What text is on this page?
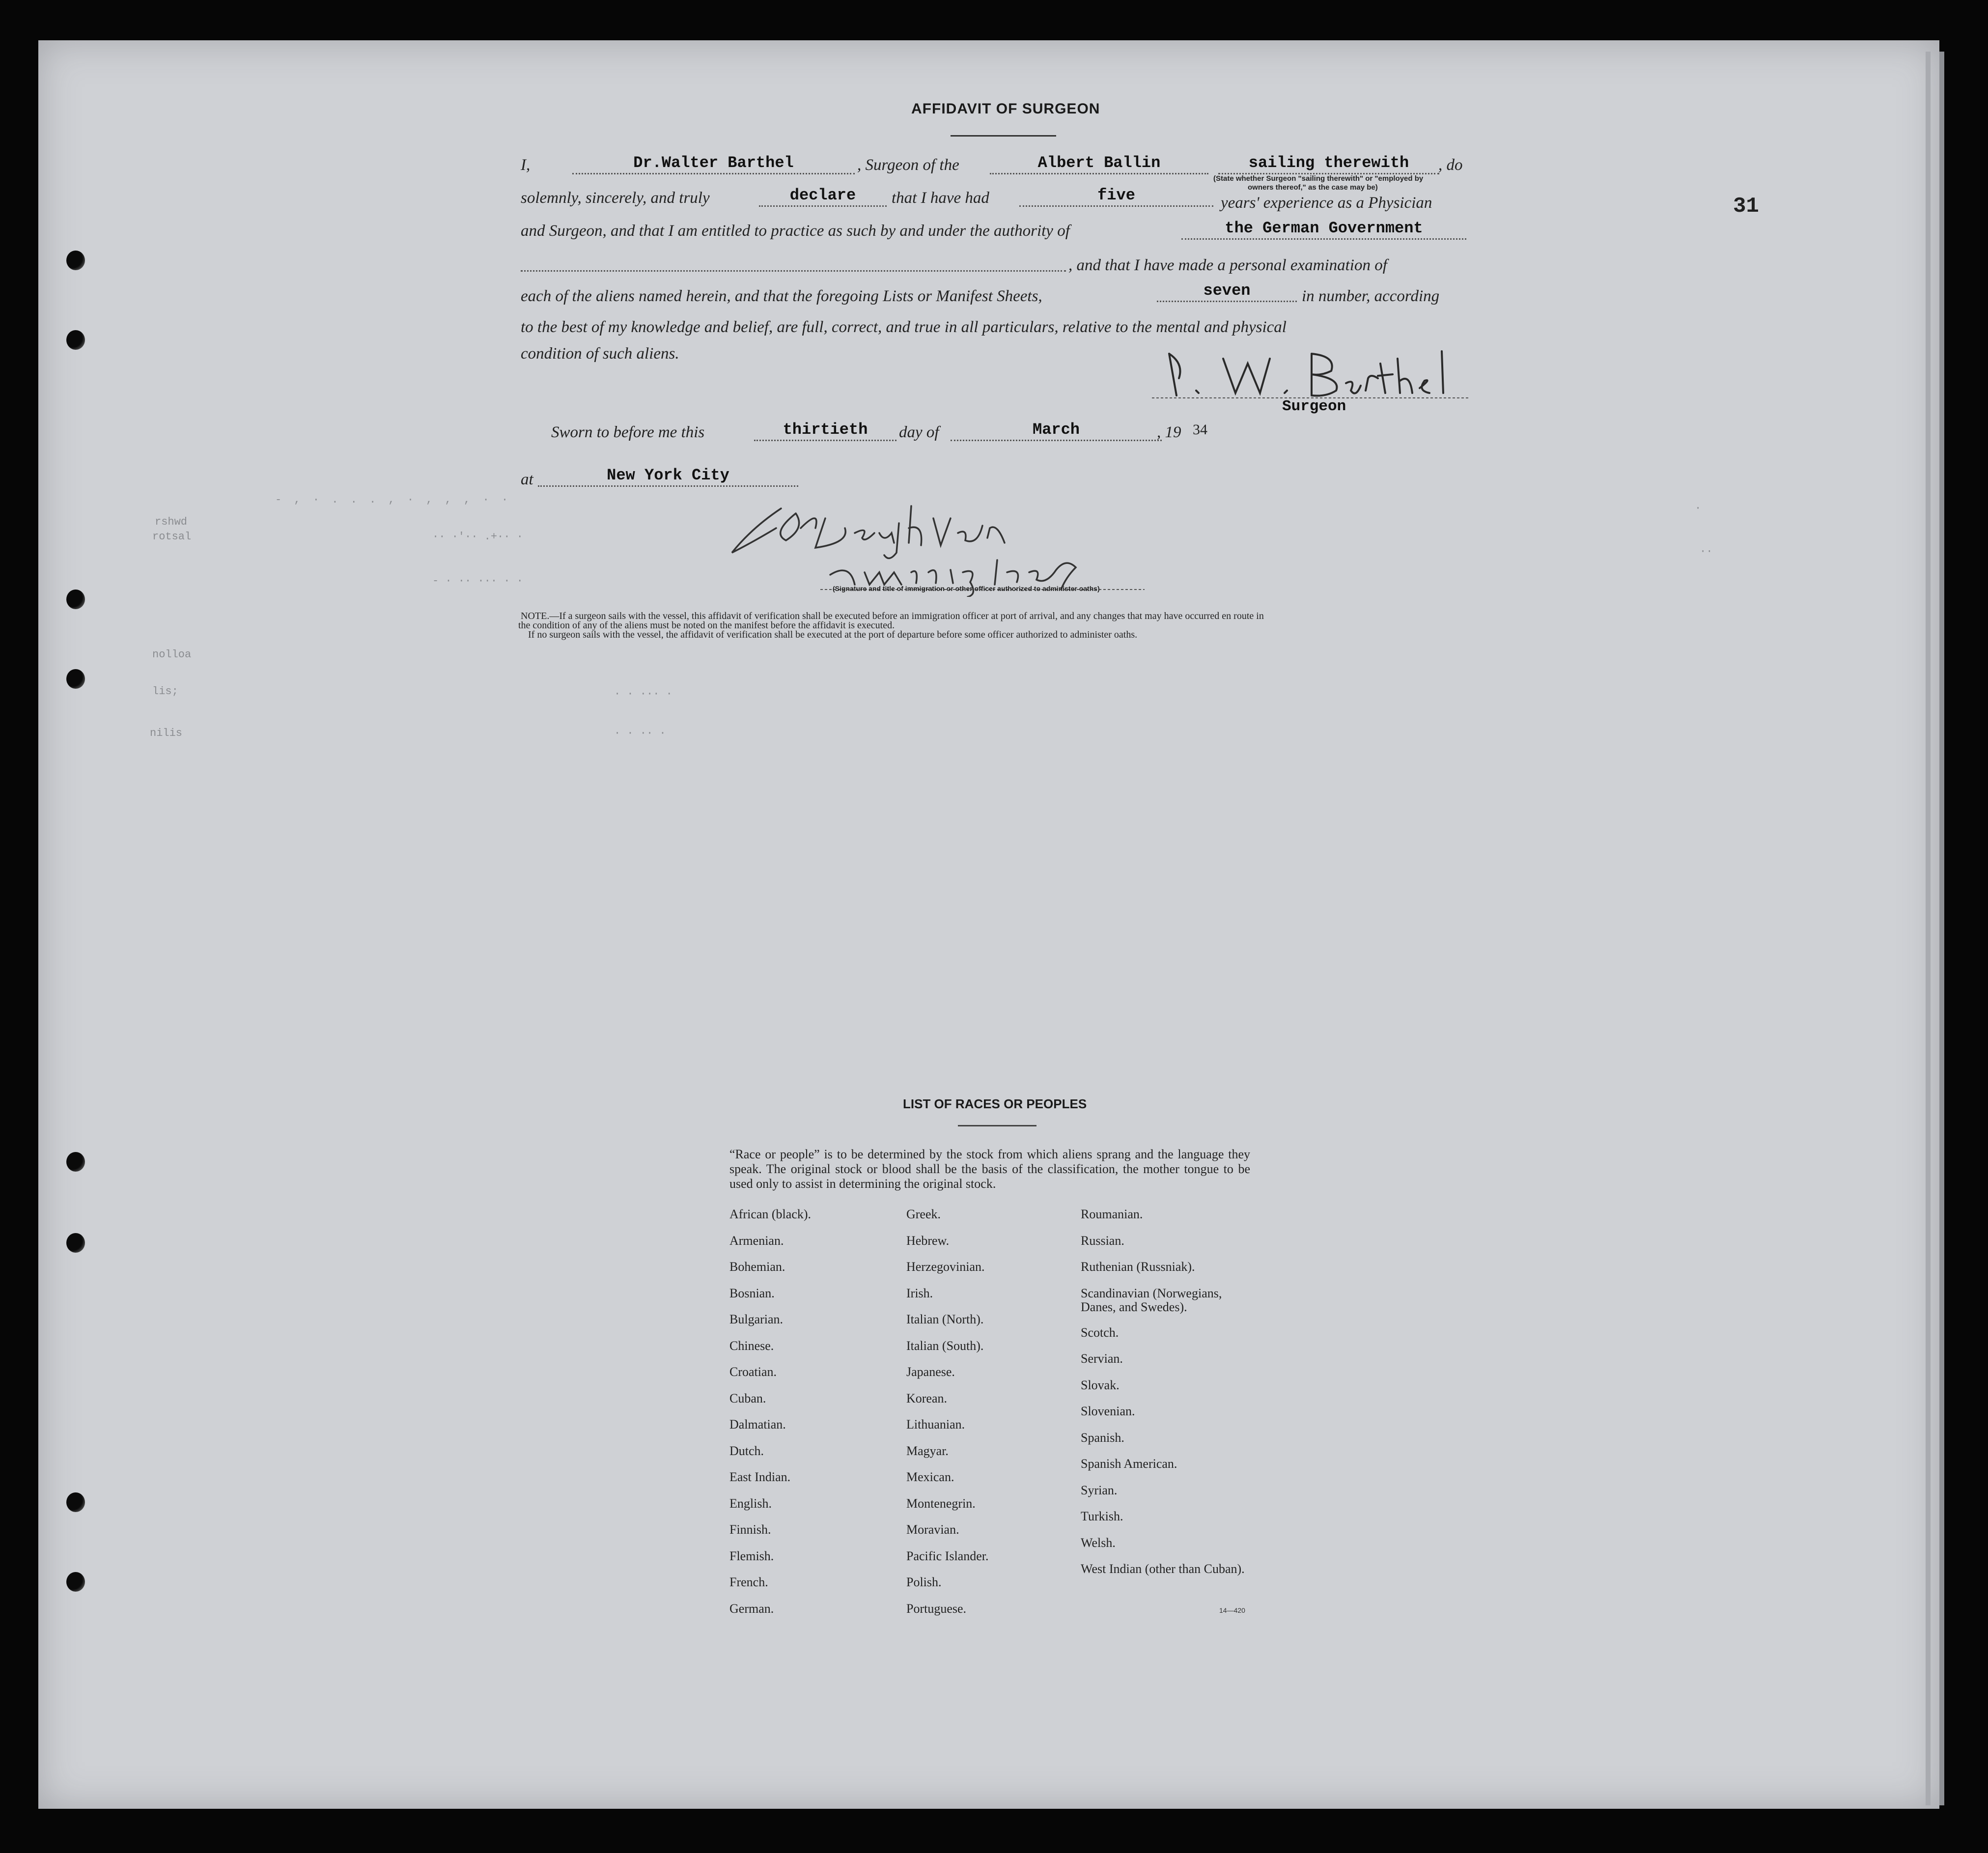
31
AFFIDAVIT OF SURGEON
I,	Dr.Walter Barthel	, Surgeon of the	Albert Ballin	sailing therewith	, do
(State whether Surgeon "sailing therewith" or "employed by
owners thereof," as the case may be)
solemnly, sincerely, and truly	declare	that I have had	five	years' experience as a Physician
and Surgeon, and that I am entitled to practice as such by and under the authority of	the German Government
, and that I have made a personal examination of
each of the aliens named herein, and that the foregoing Lists or Manifest Sheets,	seven	in number, according
to the best of my knowledge and belief, are full, correct, and true in all particulars, relative to the mental and physical
condition of such aliens.
Surgeon
Sworn to before me this	thirtieth	day of	March	, 19 34
at	New York City
- , · . . . , · , , , · ·
rshwd
rotsal	·· ·'·· .+·· ·
- · ·· ··· · ·
nolloa
lis;
nilis
· · ··· ·
· · ·· ·
·
··
(Signature and title of immigration or other officer authorized to administer oaths)
NOTE.—If a surgeon sails with the vessel, this affidavit of verification shall be executed before an immigration officer at port of arrival, and any changes that may have occurred en route in
the condition of any of the aliens must be noted on the manifest before the affidavit is executed.
If no surgeon sails with the vessel, the affidavit of verification shall be executed at the port of departure before some officer authorized to administer oaths.
LIST OF RACES OR PEOPLES
“Race or people” is to be determined by the stock from which aliens sprang and the language they speak. The original stock or blood shall be the basis of the classification, the mother tongue to be used only to assist in determining the original stock.
African (black).
Armenian.
Bohemian.
Bosnian.
Bulgarian.
Chinese.
Croatian.
Cuban.
Dalmatian.
Dutch.
East Indian.
English.
Finnish.
Flemish.
French.
German.
Greek.
Hebrew.
Herzegovinian.
Irish.
Italian (North).
Italian (South).
Japanese.
Korean.
Lithuanian.
Magyar.
Mexican.
Montenegrin.
Moravian.
Pacific Islander.
Polish.
Portuguese.
Roumanian.
Russian.
Ruthenian (Russniak).
Scandinavian (Norwegians, Danes, and Swedes).
Scotch.
Servian.
Slovak.
Slovenian.
Spanish.
Spanish American.
Syrian.
Turkish.
Welsh.
West Indian (other than Cuban).
14—420
